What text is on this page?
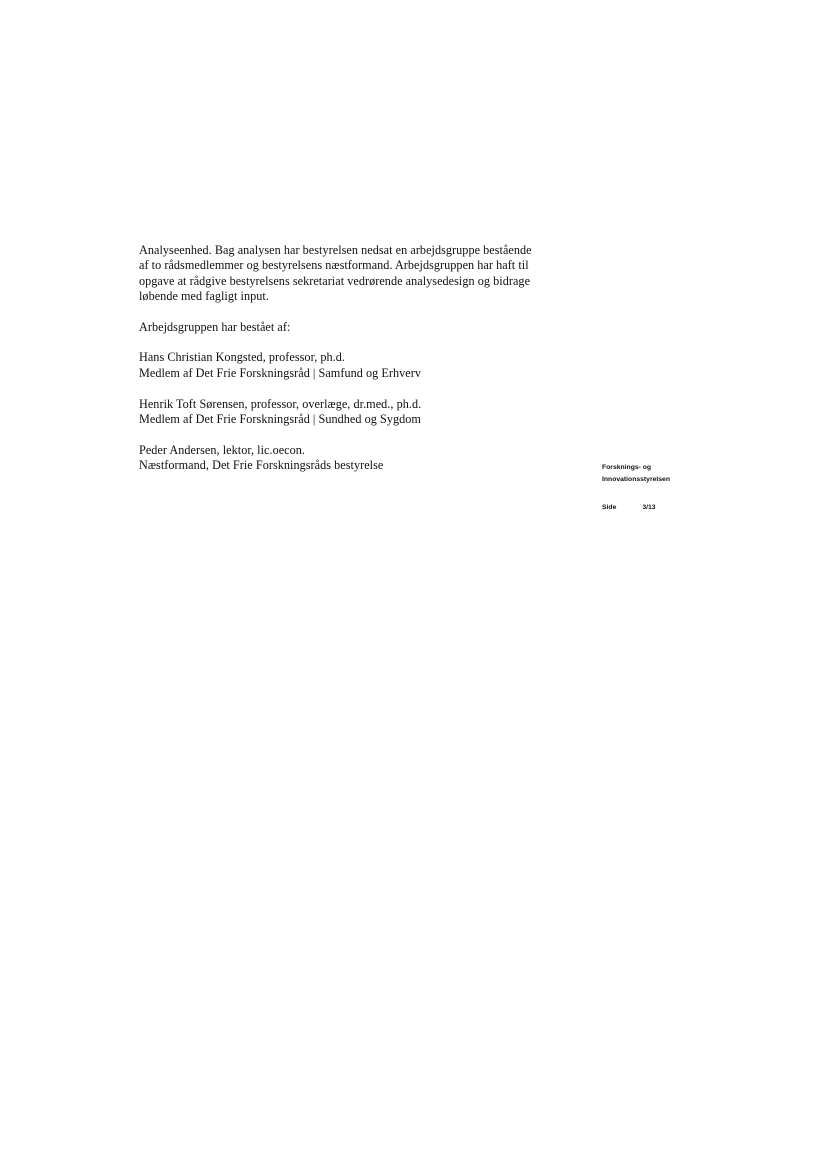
Analyseenhed. Bag analysen har bestyrelsen nedsat en arbejdsgruppe bestående
af to rådsmedlemmer og bestyrelsens næstformand. Arbejdsgruppen har haft til
opgave at rådgive bestyrelsens sekretariat vedrørende analysedesign og bidrage
løbende med fagligt input.

Arbejdsgruppen har bestået af:

Hans Christian Kongsted, professor, ph.d.
Medlem af Det Frie Forskningsråd | Samfund og Erhverv

Henrik Toft Sørensen, professor, overlæge, dr.med., ph.d.
Medlem af Det Frie Forskningsråd | Sundhed og Sygdom

Peder Andersen, lektor, lic.oecon.
Næstformand, Det Frie Forskningsråds bestyrelse	Forsknings- og
Innovationsstyrelsen
Side	3/13
